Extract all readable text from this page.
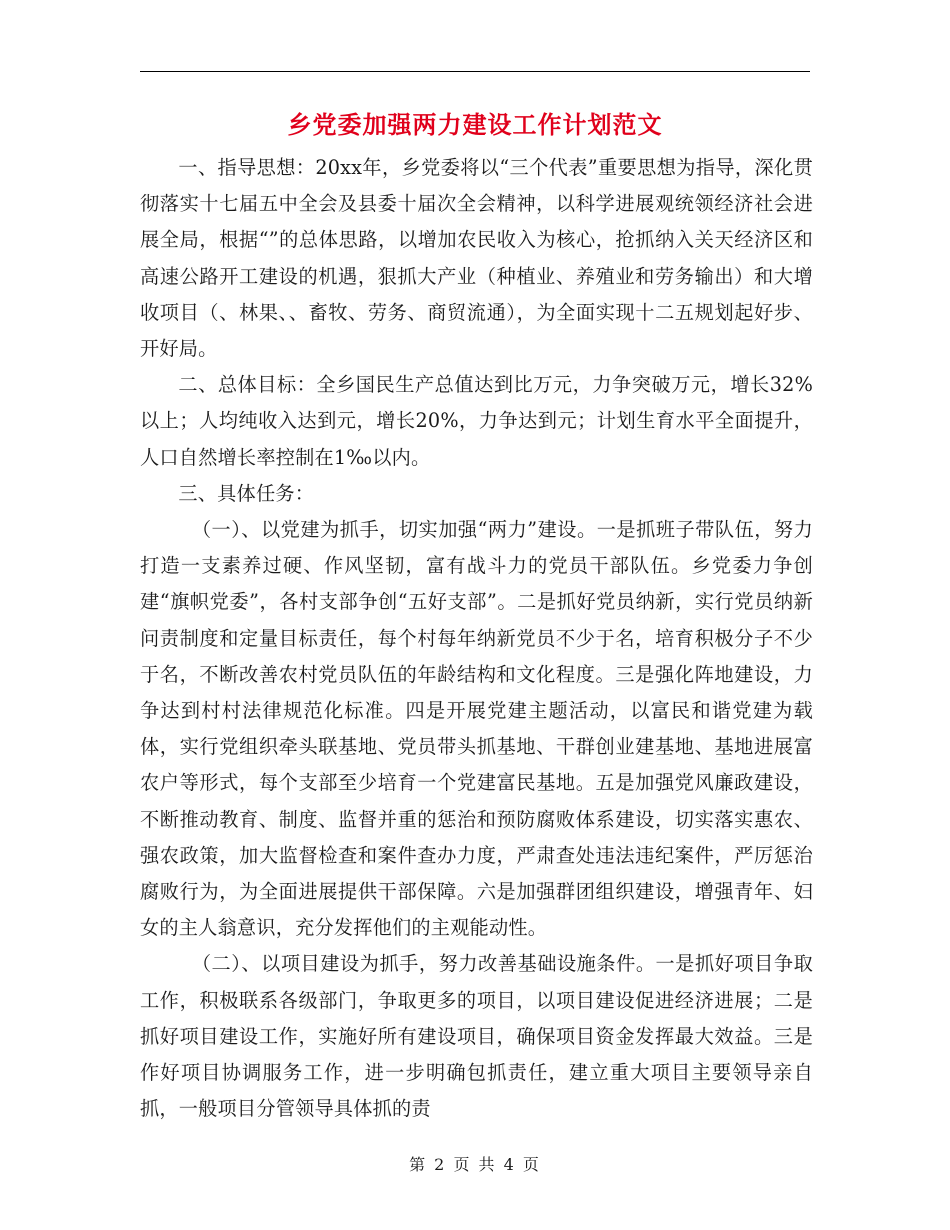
乡党委加强两力建设工作计划范文

一、指导思想：20xx年，乡党委将以“三个代表”重要思想为指导，深化贯彻落实十七届五中全会及县委十届次全会精神，以科学进展观统领经济社会进展全局，根据“”的总体思路，以增加农民收入为核心，抢抓纳入关天经济区和高速公路开工建设的机遇，狠抓大产业（种植业、养殖业和劳务输出）和大增收项目（、林果、、畜牧、劳务、商贸流通），为全面实现十二五规划起好步、开好局。

二、总体目标：全乡国民生产总值达到比万元，力争突破万元，增长32%以上；人均纯收入达到元，增长20%，力争达到元；计划生育水平全面提升，人口自然增长率控制在1‰以内。

三、具体任务：

（一）、以党建为抓手，切实加强“两力”建设。一是抓班子带队伍，努力打造一支素养过硬、作风坚韧，富有战斗力的党员干部队伍。乡党委力争创建“旗帜党委”，各村支部争创“五好支部”。二是抓好党员纳新，实行党员纳新问责制度和定量目标责任，每个村每年纳新党员不少于名，培育积极分子不少于名，不断改善农村党员队伍的年龄结构和文化程度。三是强化阵地建设，力争达到村村法律规范化标准。四是开展党建主题活动，以富民和谐党建为载体，实行党组织牵头联基地、党员带头抓基地、干群创业建基地、基地进展富农户等形式，每个支部至少培育一个党建富民基地。五是加强党风廉政建设，不断推动教育、制度、监督并重的惩治和预防腐败体系建设，切实落实惠农、强农政策，加大监督检查和案件查办力度，严肃查处违法违纪案件，严厉惩治腐败行为，为全面进展提供干部保障。六是加强群团组织建设，增强青年、妇女的主人翁意识，充分发挥他们的主观能动性。

（二）、以项目建设为抓手，努力改善基础设施条件。一是抓好项目争取工作，积极联系各级部门，争取更多的项目，以项目建设促进经济进展；二是抓好项目建设工作，实施好所有建设项目，确保项目资金发挥最大效益。三是作好项目协调服务工作，进一步明确包抓责任，建立重大项目主要领导亲自抓，一般项目分管领导具体抓的责

第 2 页 共 4 页
